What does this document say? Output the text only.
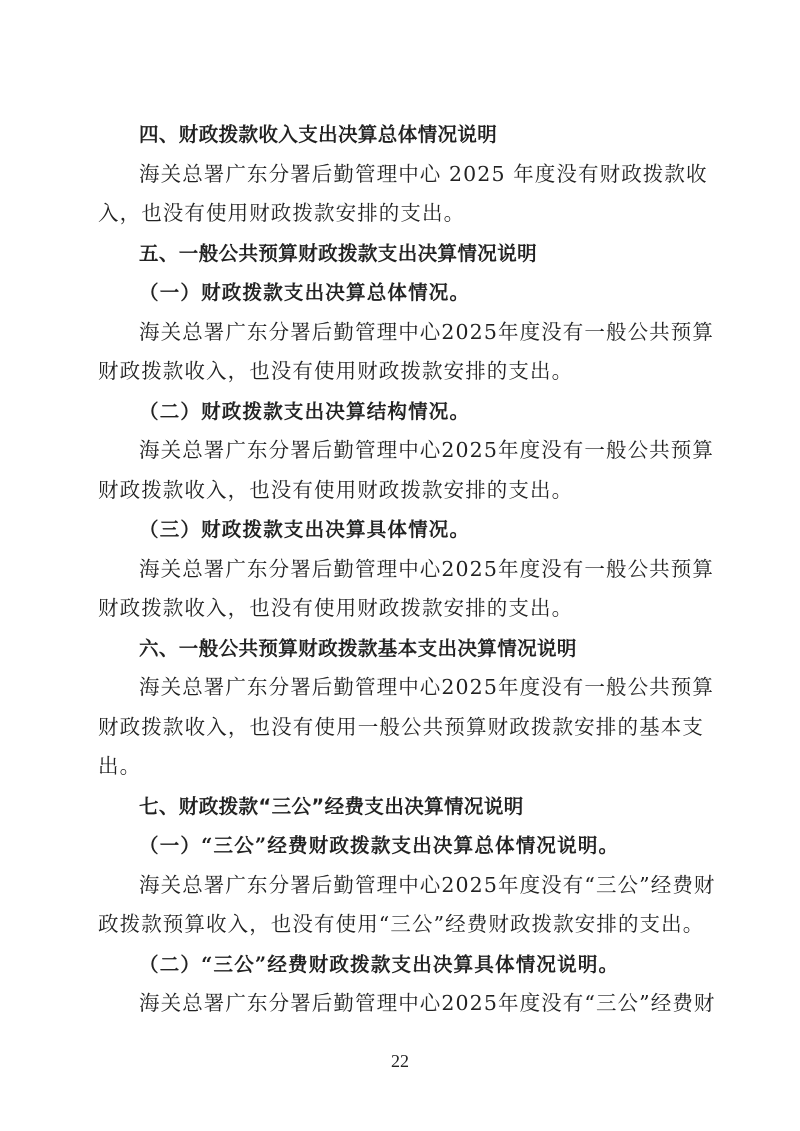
四、财政拨款收入支出决算总体情况说明
海关总署广东分署后勤管理中心 2025 年度没有财政拨款收
入，也没有使用财政拨款安排的支出。
五、一般公共预算财政拨款支出决算情况说明
（一）财政拨款支出决算总体情况。
海关总署广东分署后勤管理中心2025年度没有一般公共预算
财政拨款收入，也没有使用财政拨款安排的支出。
（二）财政拨款支出决算结构情况。
海关总署广东分署后勤管理中心2025年度没有一般公共预算
财政拨款收入，也没有使用财政拨款安排的支出。
（三）财政拨款支出决算具体情况。
海关总署广东分署后勤管理中心2025年度没有一般公共预算
财政拨款收入，也没有使用财政拨款安排的支出。
六、一般公共预算财政拨款基本支出决算情况说明
海关总署广东分署后勤管理中心2025年度没有一般公共预算
财政拨款收入，也没有使用一般公共预算财政拨款安排的基本支
出。
七、财政拨款“三公”经费支出决算情况说明
（一）“三公”经费财政拨款支出决算总体情况说明。
海关总署广东分署后勤管理中心2025年度没有“三公”经费财
政拨款预算收入，也没有使用“三公”经费财政拨款安排的支出。
（二）“三公”经费财政拨款支出决算具体情况说明。
海关总署广东分署后勤管理中心2025年度没有“三公”经费财
22
